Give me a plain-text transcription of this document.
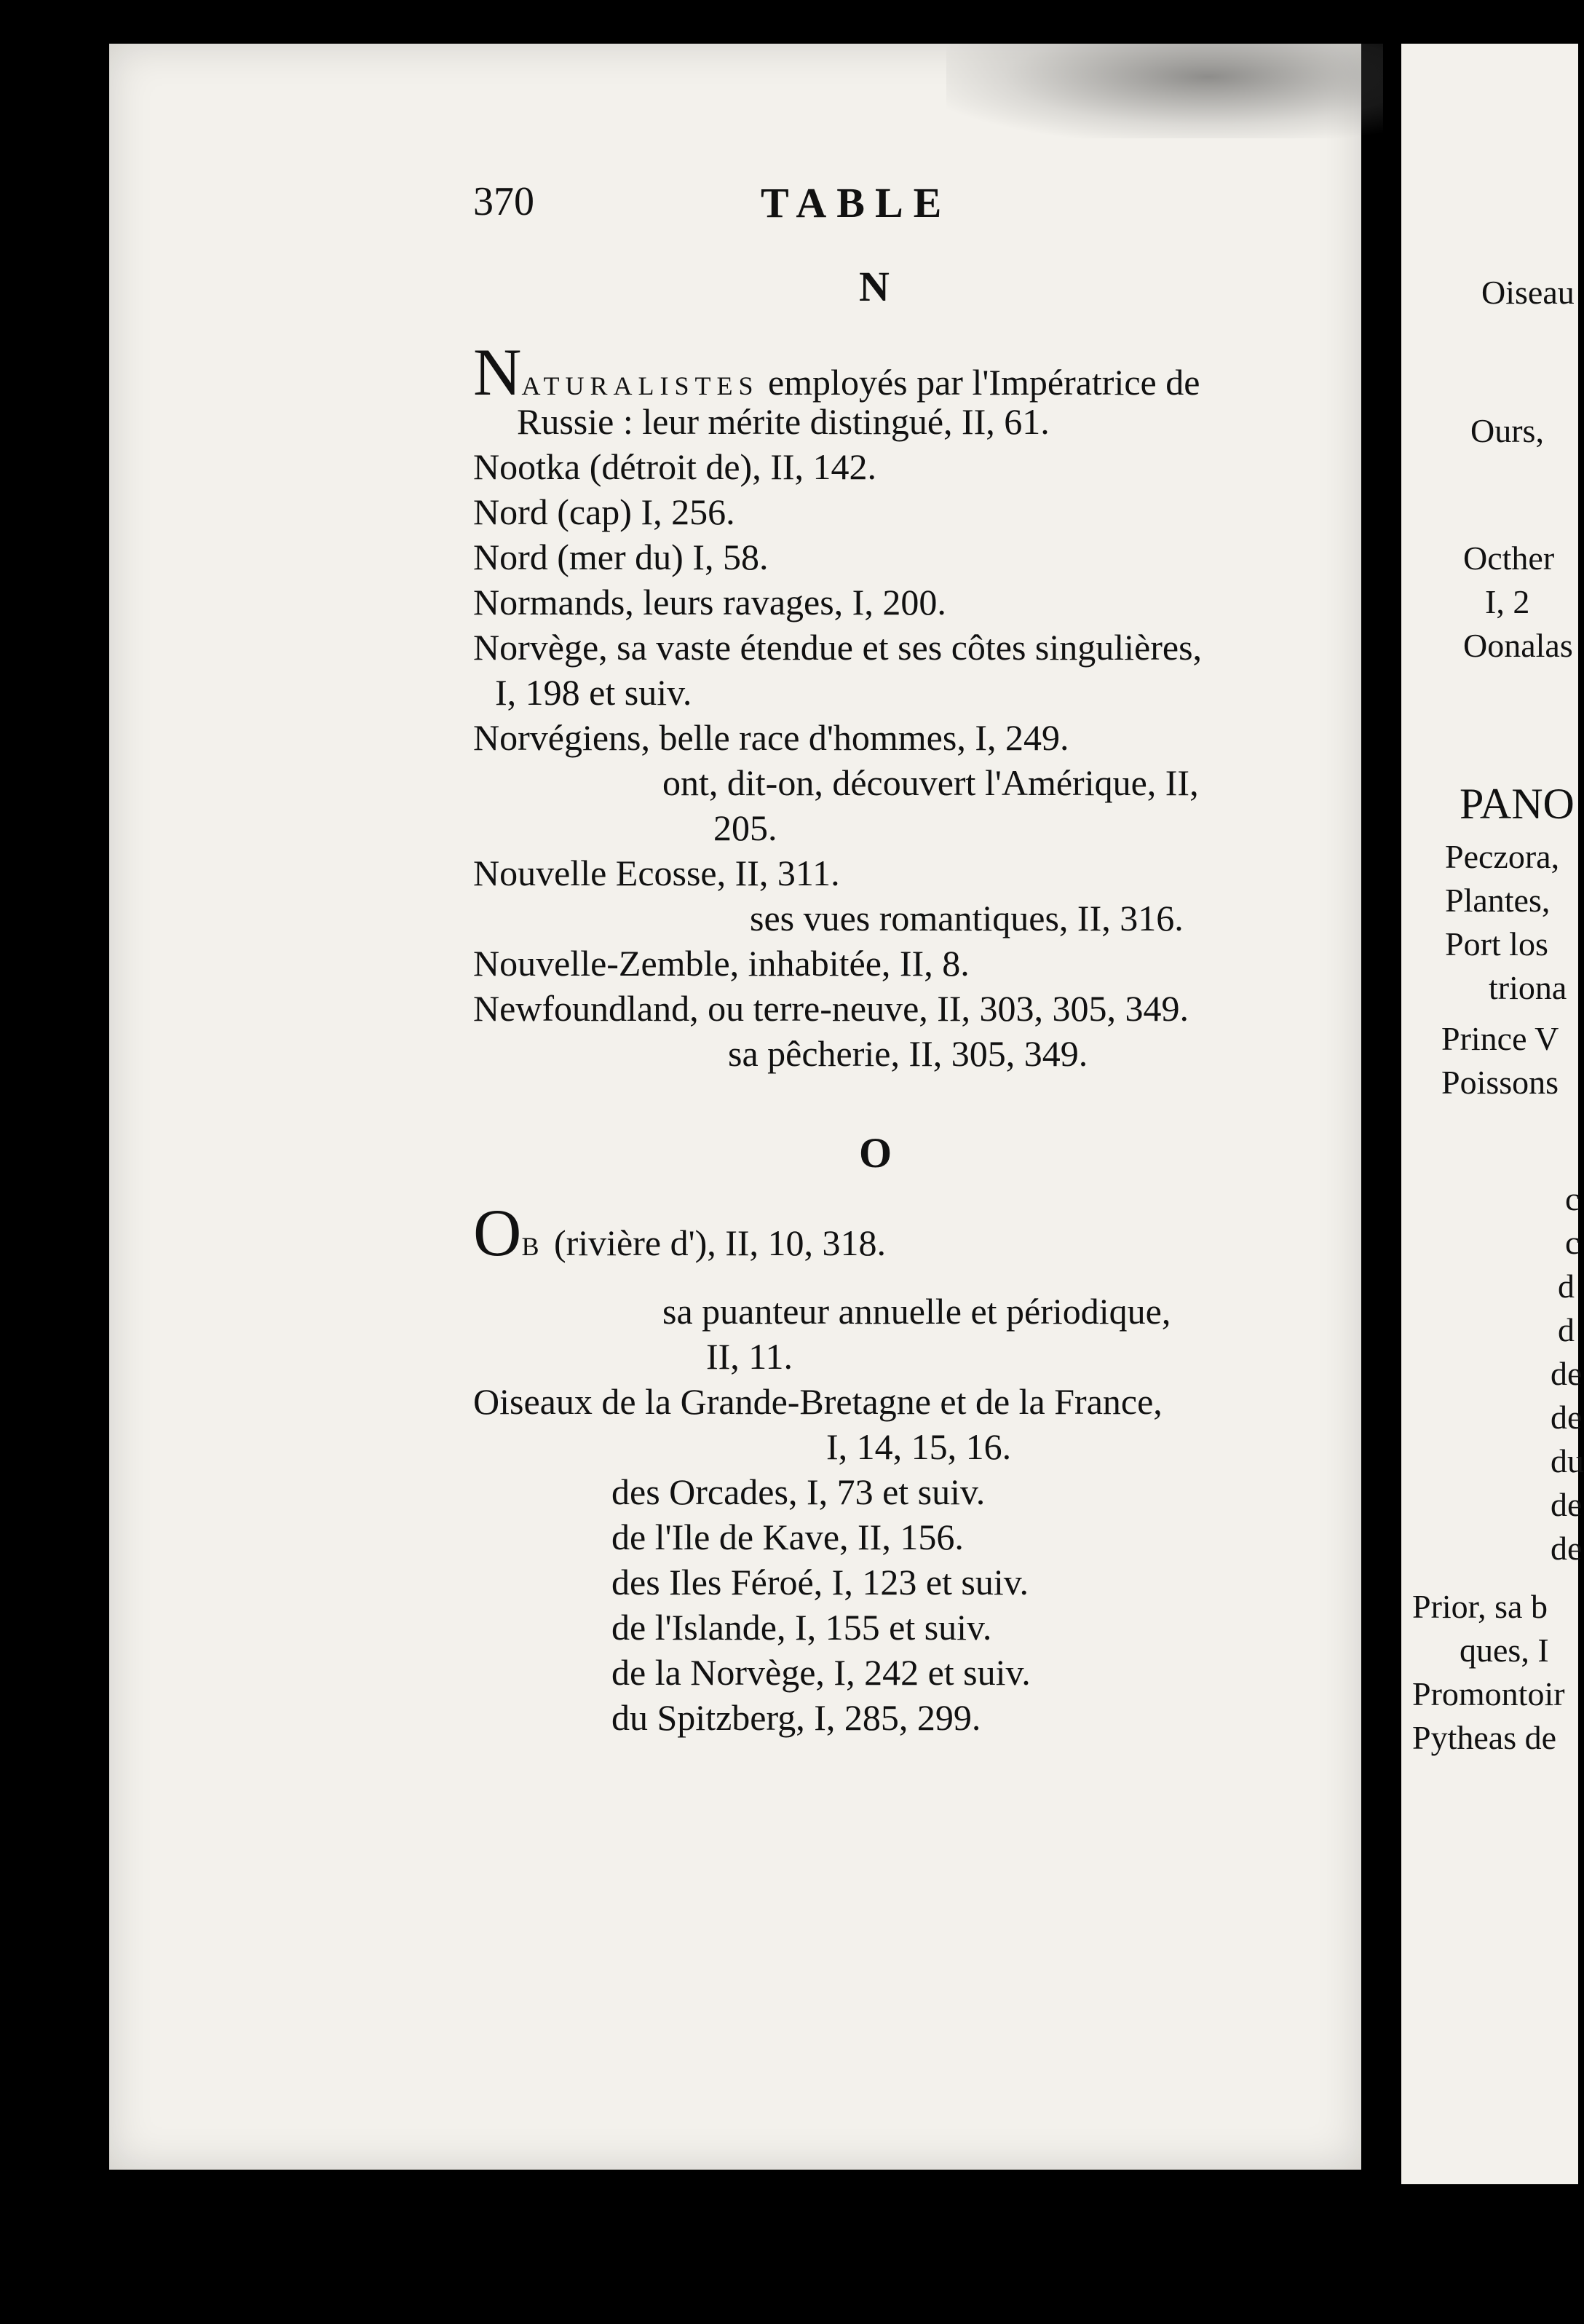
370	TABLE
N
NATURALISTES employés par l'Impératrice de
Russie : leur mérite distingué, II, 61.
Nootka (détroit de), II, 142.
Nord (cap) I, 256.
Nord (mer du) I, 58.
Normands, leurs ravages, I, 200.
Norvège, sa vaste étendue et ses côtes singulières,
I, 198 et suiv.
Norvégiens, belle race d'hommes, I, 249.
ont, dit-on, découvert l'Amérique, II,
205.
Nouvelle Ecosse, II, 311.
ses vues romantiques, II, 316.
Nouvelle-Zemble, inhabitée, II, 8.
Newfoundland, ou terre-neuve, II, 303, 305, 349.
sa pêcherie, II, 305, 349.
O
OB (rivière d'), II, 10, 318.
sa puanteur annuelle et périodique,
II, 11.
Oiseaux de la Grande-Bretagne et de la France,
I, 14, 15, 16.
des Orcades, I, 73 et suiv.
de l'Ile de Kave, II, 156.
des Iles Féroé, I, 123 et suiv.
de l'Islande, I, 155 et suiv.
de la Norvège, I, 242 et suiv.
du Spitzberg, I, 285, 299.
Oiseau
Ours,
Octher
I, 2
Oonalas
PANO
Peczora,
Plantes,
Port los
triona
Prince V
Poissons
c
c
d
d
de
de
du
de
de
Prior, sa b
ques, I
Promontoir
Pytheas de
